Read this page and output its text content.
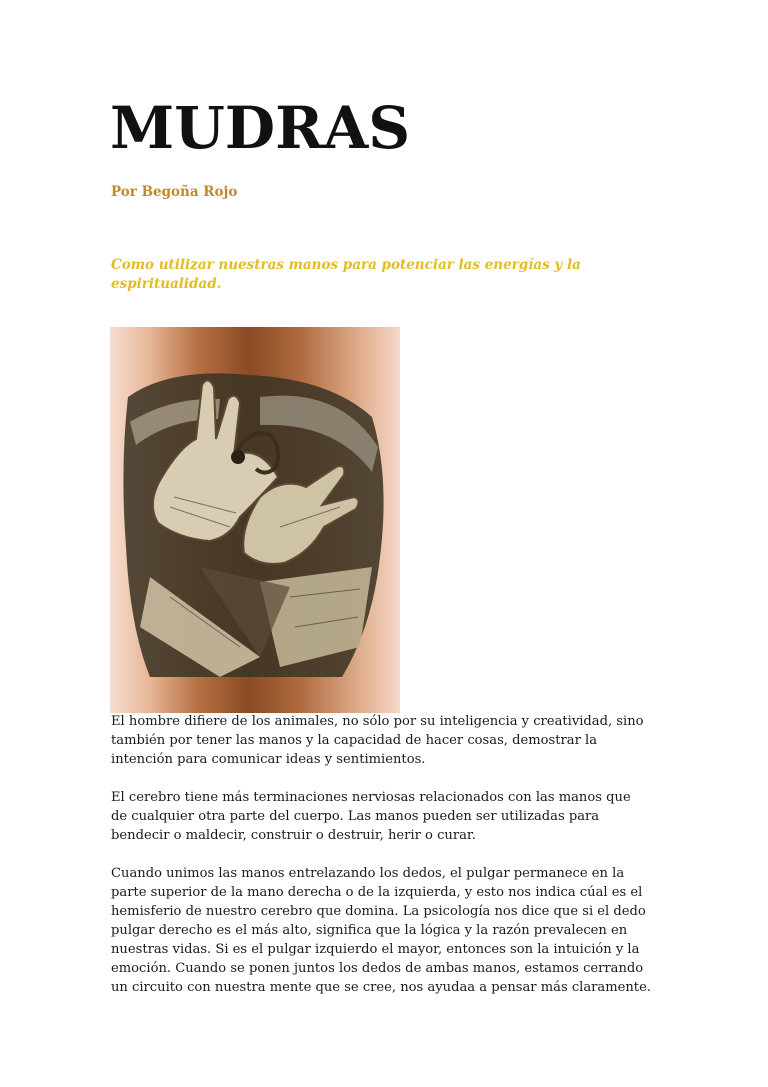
MUDRAS

Por Begoña Rojo

Como utilizar nuestras manos para potenciar las energías y la
espiritualidad.

El hombre difiere de los animales, no sólo por su inteligencia y creatividad, sino
también por tener las manos y la capacidad de hacer cosas, demostrar la
intención para comunicar ideas y sentimientos.

El cerebro tiene más terminaciones nerviosas relacionados con las manos que
de cualquier otra parte del cuerpo. Las manos pueden ser utilizadas para
bendecir o maldecir, construir o destruir, herir o curar.

Cuando unimos las manos entrelazando los dedos, el pulgar permanece en la
parte superior de la mano derecha o de la izquierda, y esto nos indica cúal es el
hemisferio de nuestro cerebro que domina. La psicología nos dice que si el dedo
pulgar derecho es el más alto, significa que la lógica y la razón prevalecen en
nuestras vidas. Si es el pulgar izquierdo el mayor, entonces son la intuición y la
emoción. Cuando se ponen juntos los dedos de ambas manos, estamos cerrando
un circuito con nuestra mente que se cree, nos ayudaa a pensar más claramente.
